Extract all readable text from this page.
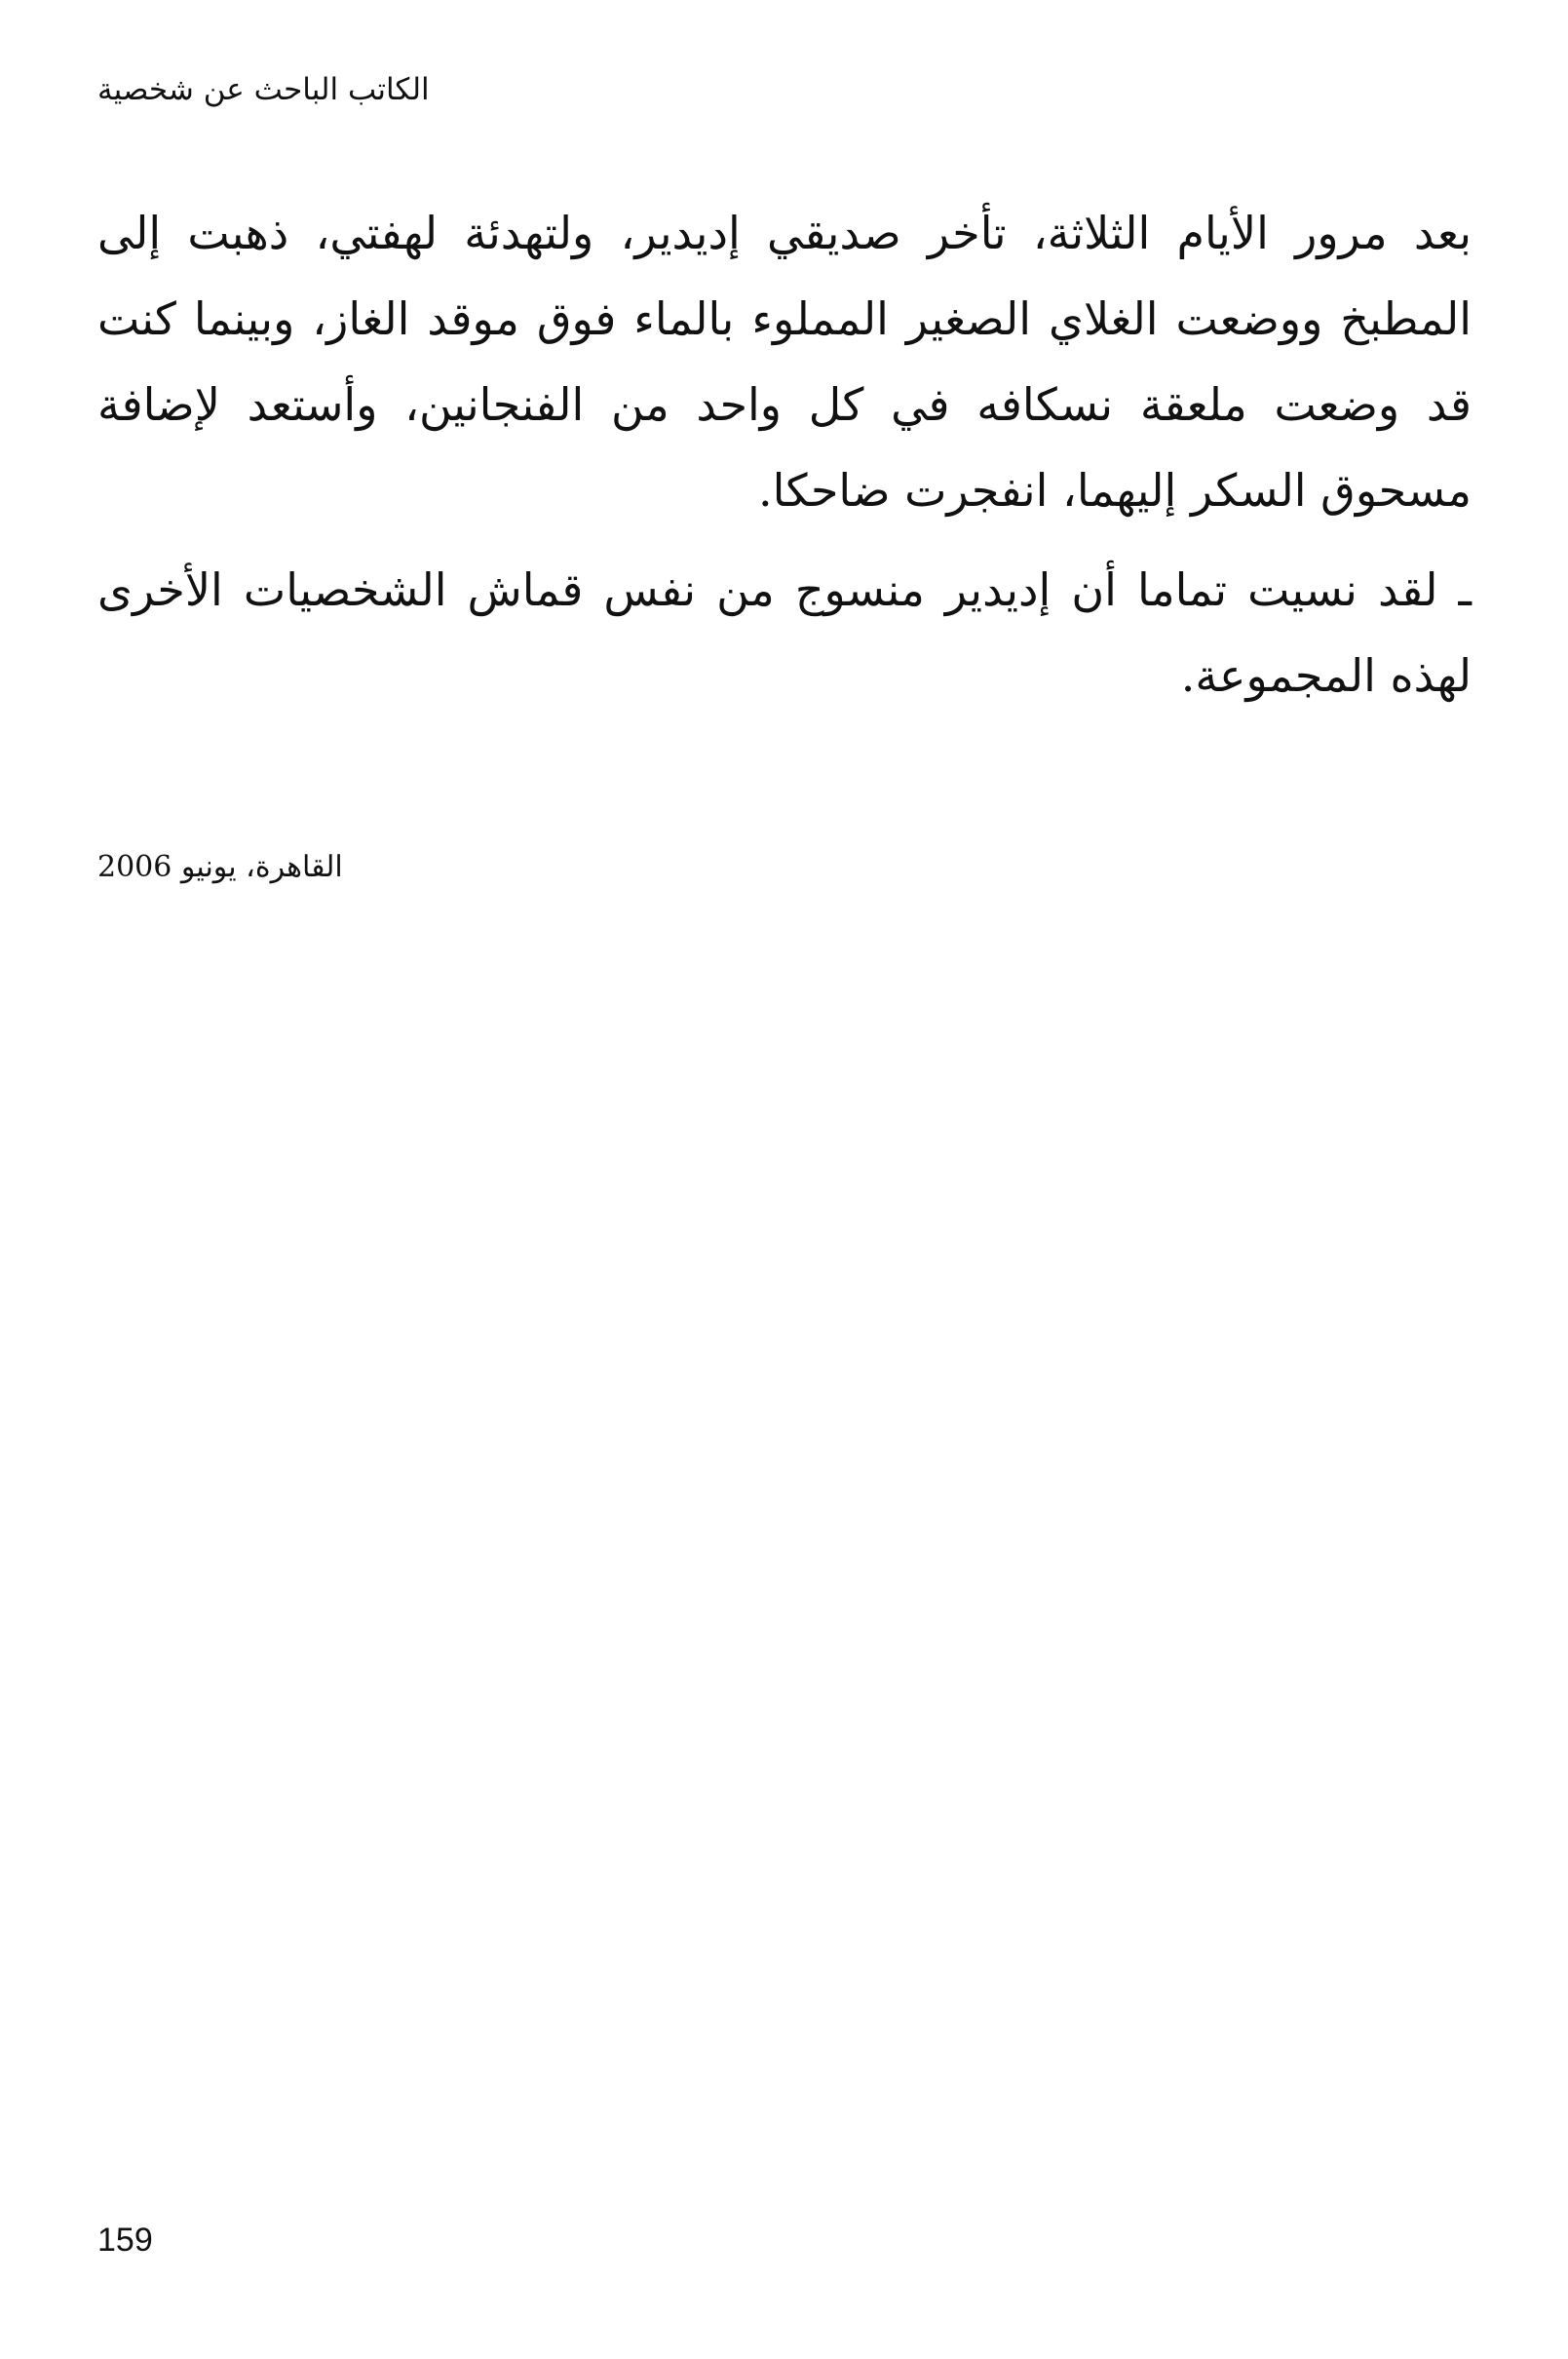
الكاتب الباحث عن شخصية

بعد مرور الأيام الثلاثة، تأخر صديقي إديدير، ولتهدئة لهفتي، ذهبت إلى المطبخ ووضعت الغلاي الصغير المملوء بالماء فوق موقد الغاز، وبينما كنت قد وضعت ملعقة نسكافه في كل واحد من الفنجانين، وأستعد لإضافة مسحوق السكر إليهما، انفجرت ضاحكا.

ـ لقد نسيت تماما أن إديدير منسوج من نفس قماش الشخصيات الأخرى لهذه المجموعة.

القاهرة، يونيو 2006
159
